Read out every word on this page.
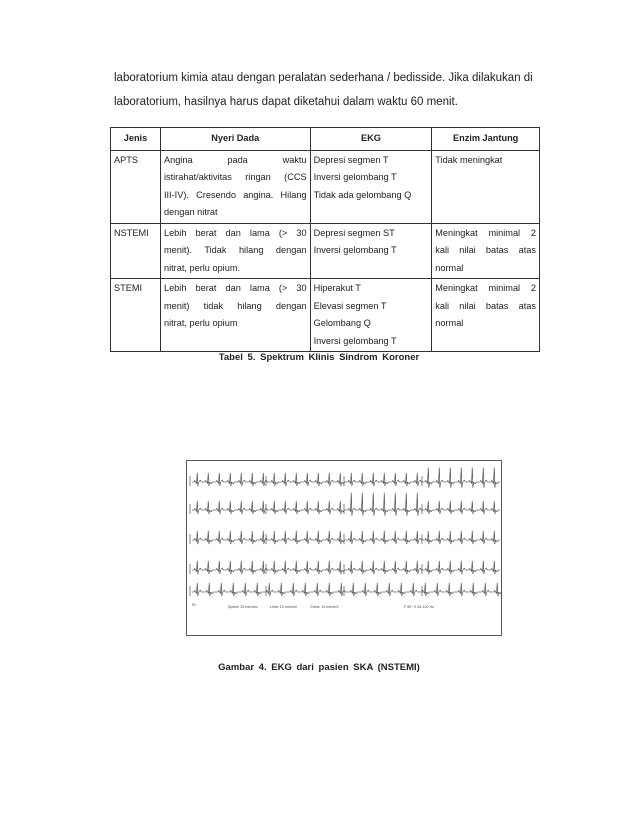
laboratorium kimia atau dengan peralatan sederhana / bedisside. Jika dilakukan di

laboratorium, hasilnya harus dapat diketahui dalam waktu 60 menit.

Jenis	Nyeri Dada	EKG	Enzim Jantung
APTS	Angina pada waktu
istirahat/aktivitas ringan (CCS
III-IV). Cresendo angina. Hilang
dengan nitrat	Depresi segmen T
Inversi gelombang T
Tidak ada gelombang Q	Tidak meningkat

NSTEMI	Lebih berat dan lama (> 30
menit). Tidak hilang dengan
nitrat, perlu opium.	Depresi segmen ST
Inversi gelombang T	Meningkat minimal 2
kali nilai batas atas
normal

STEMI	Lebih berat dan lama (> 30
menit) tidak hilang dengan
nitrat, perlu opium	Hiperakut T
Elevasi segmen T
Gelombang Q
Inversi gelombang T	Meningkat minimal 2
kali nilai batas atas
normal
Tabel 5. Spektrum Klinis Sindrom Koroner
ID:	Speed: 25 mm/sec	Limb: 10 mm/mV	Chest: 10 mm/mV	F 50~ 0.15-100 Hz
Gambar 4. EKG dari pasien SKA (NSTEMI)
